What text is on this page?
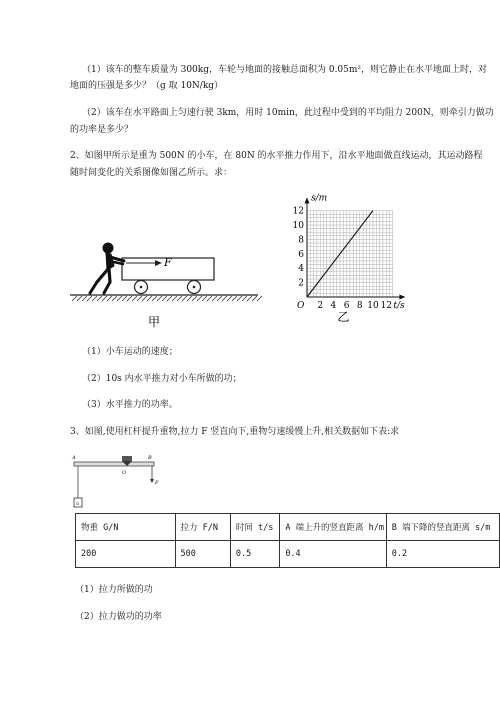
（1）该车的整车质量为 300kg，车轮与地面的接触总面积为 0.05m²，则它静止在水平地面上时，对
地面的压强是多少？（g 取 10N/kg）
（2）该车在水平路面上匀速行驶 3km，用时 10min，此过程中受到的平均阻力 200N，则牵引力做功
的功率是多少？
2、如图甲所示是重为 500N 的小车，在 80N 的水平推力作用下，沿水平地面做直线运动，其运动路程
随时间变化的关系图像如图乙所示。求：
F
甲
2
4
6
8
10
12
2 4 6 8 10 12
s/m
t/s
O
乙
（1）小车运动的速度；
（2）10s 内水平推力对小车所做的功；
（3）水平推力的功率。
3、如图,使用杠杆提升重物,拉力 F 竖直向下,重物匀速缓慢上升,相关数据如下表:求
A	B
O
G
F
物重 G/N	拉力 F/N	时间 t/s	A 端上升的竖直距离 h/m	B 端下降的竖直距离 s/m
200	500	0.5	0.4	0.2
（1）拉力所做的功
（2）拉力做功的功率
